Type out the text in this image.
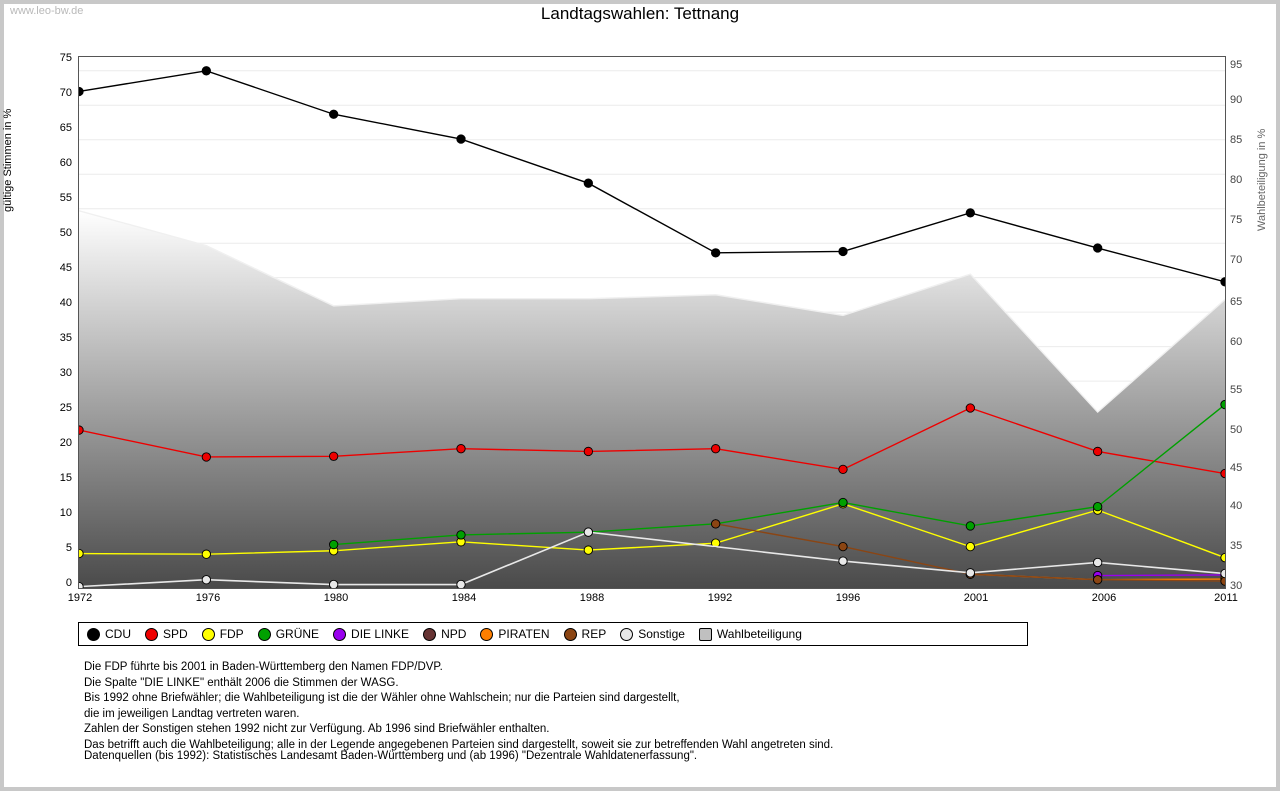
www.leo-bw.de	Landtagswahlen: Tettnang
gültige Stimmen in %	Wahlbeteiligung in %
75
70
65
60
55
50
45
40
35
30
25
20
15
10
5
0
95
90
85
80
75
70
65
60
55
50
45
40
35
30
1972	1976	1980	1984	1988	1992	1996	2001	2006	2011
CDU	SPD	FDP	GRÜNE	DIE LINKE	NPD	PIRATEN	REP	Sonstige	Wahlbeteiligung
Die FDP führte bis 2001 in Baden-Württemberg den Namen FDP/DVP.
Die Spalte "DIE LINKE" enthält 2006 die Stimmen der WASG.
Bis 1992 ohne Briefwähler; die Wahlbeteiligung ist die der Wähler ohne Wahlschein; nur die Parteien sind dargestellt,
die im jeweiligen Landtag vertreten waren.
Zahlen der Sonstigen stehen 1992 nicht zur Verfügung. Ab 1996 sind Briefwähler enthalten.
Das betrifft auch die Wahlbeteiligung; alle in der Legende angegebenen Parteien sind dargestellt, soweit sie zur betreffenden Wahl angetreten sind.
Datenquellen (bis 1992): Statistisches Landesamt Baden-Württemberg und (ab 1996) "Dezentrale Wahldatenerfassung".
